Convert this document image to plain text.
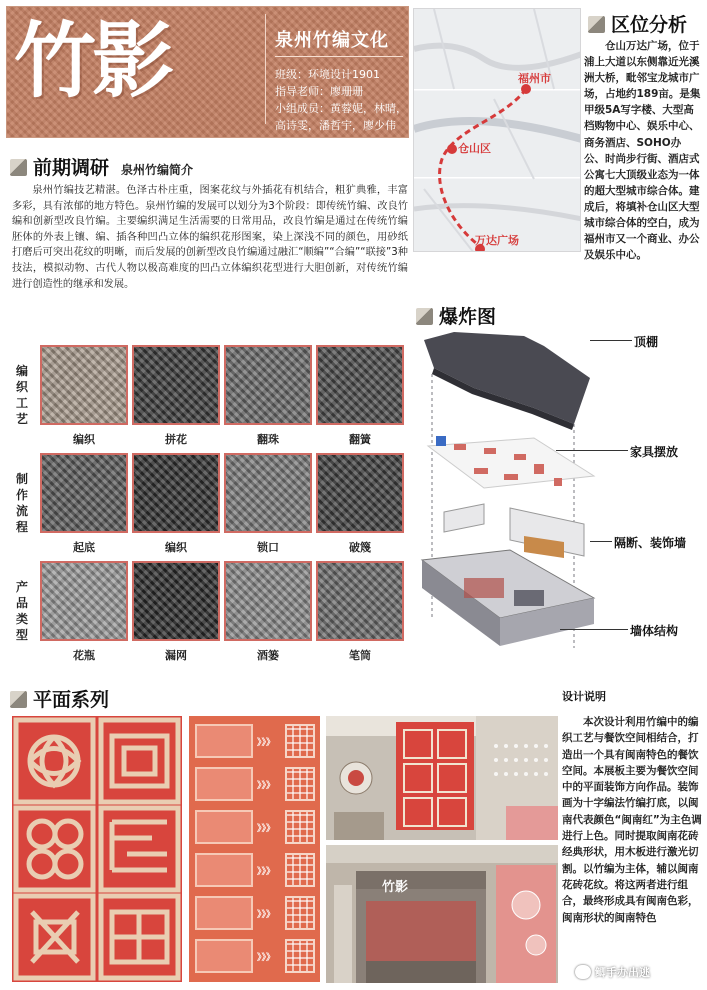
竹影	泉州竹编文化
班级：环境设计1901
指导老师：廖珊珊
小组成员：黄蓉妮，林晴，
高诗雯，潘哲宇，廖少伟
前期调研 泉州竹编简介

泉州竹编技艺精湛。色泽古朴庄重，图案花纹与外插花有机结合，粗犷典雅，丰富多彩，具有浓郁的地方特色。泉州竹编的发展可以划分为3个阶段：即传统竹编、改良竹编和创新型改良竹编。主要编织满足生活需要的日常用品，改良竹编是通过在传统竹编胚体的外表上镶、编、插各种凹凸立体的编织花形图案，染上深浅不同的颜色，用砂纸打磨后可突出花纹的明晰，而后发展的创新型改良竹编通过融汇“顺编”“合编”“联接”3种技法，模拟动物、古代人物以极高难度的凹凸立体编织花型进行大胆创新，对传统竹编进行创造性的继承和发展。

区位分析
福州市
仓山区
万达广场

仓山万达广场，位于浦上大道以东侧靠近光溪洲大桥，毗邻宝龙城市广场，占地约189亩。是集甲级5A写字楼、大型高档购物中心、娱乐中心、商务酒店、SOHO办公、时尚步行街、酒店式公寓七大顶级业态为一体的超大型城市综合体。建成后，将填补仓山区大型城市综合体的空白，成为福州市又一个商业、办公及娱乐中心。

编织工艺
编织	拼花	翻珠	翻簧
制作流程
起底	编织	锁口	破篾
产品类型
花瓶	漏网	酒篓	笔筒
爆炸图
顶棚
家具摆放
隔断、装饰墙
墙体结构
平面系列
》》》
》》》
》》》
》》》
》》》
》》》
竹影
设计说明

本次设计利用竹编中的编织工艺与餐饮空间相结合，打造出一个具有闽南特色的餐饮空间。本展板主要为餐饮空间中的平面装饰方向作品。装饰画为十字编法竹编打底，以闽南代表颜色“闽南红”为主色调进行上色。同时提取闽南花砖经典形状，用木板进行激光切割。以竹编为主体，辅以闽南花砖花纹。将这两者进行组合，最终形成具有闽南色彩，闽南形状的闽南特色

鲫手办出逃
